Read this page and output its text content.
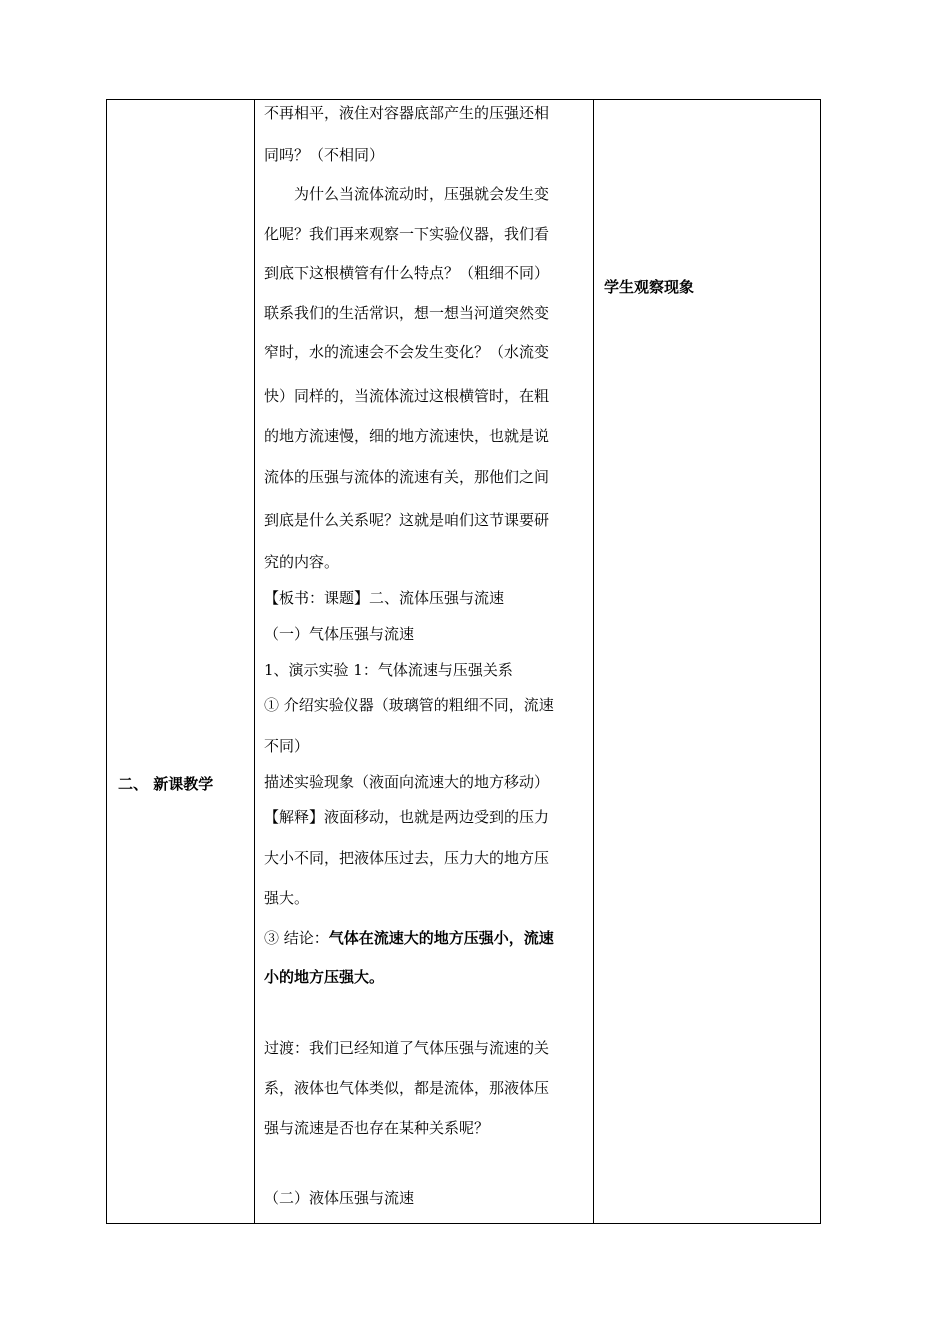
二、 新课教学
不再相平，液住对容器底部产生的压强还相
同吗？（不相同）
为什么当流体流动时，压强就会发生变
化呢？我们再来观察一下实验仪器，我们看
到底下这根横管有什么特点？（粗细不同）
联系我们的生活常识，想一想当河道突然变
窄时，水的流速会不会发生变化？（水流变
快）同样的，当流体流过这根横管时，在粗
的地方流速慢，细的地方流速快，也就是说
流体的压强与流体的流速有关，那他们之间
到底是什么关系呢？这就是咱们这节课要研
究的内容。
【板书：课题】二、流体压强与流速
（一）气体压强与流速
1、演示实验 1：气体流速与压强关系
① 介绍实验仪器（玻璃管的粗细不同，流速
不同）
描述实验现象（液面向流速大的地方移动）
【解释】液面移动，也就是两边受到的压力
大小不同，把液体压过去，压力大的地方压
强大。
③ 结论：气体在流速大的地方压强小，流速
小的地方压强大。
过渡：我们已经知道了气体压强与流速的关
系，液体也气体类似，都是流体，那液体压
强与流速是否也存在某种关系呢？
（二）液体压强与流速
学生观察现象
